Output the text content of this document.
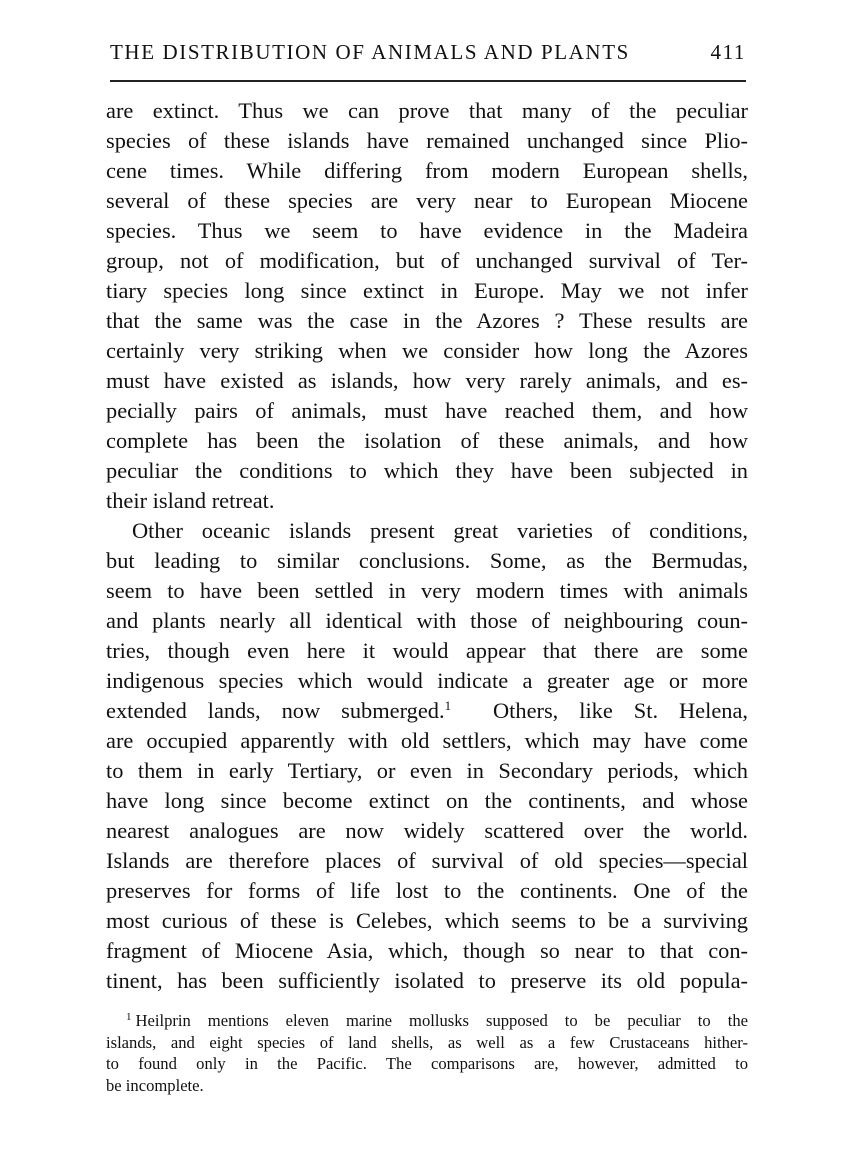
THE DISTRIBUTION OF ANIMALS AND PLANTS	411
are extinct. Thus we can prove that many of the peculiar
species of these islands have remained unchanged since Plio-
cene times. While differing from modern European shells,
several of these species are very near to European Miocene
species. Thus we seem to have evidence in the Madeira
group, not of modification, but of unchanged survival of Ter-
tiary species long since extinct in Europe. May we not infer
that the same was the case in the Azores ? These results are
certainly very striking when we consider how long the Azores
must have existed as islands, how very rarely animals, and es-
pecially pairs of animals, must have reached them, and how
complete has been the isolation of these animals, and how
peculiar the conditions to which they have been subjected in
their island retreat.
Other oceanic islands present great varieties of conditions,
but leading to similar conclusions. Some, as the Bermudas,
seem to have been settled in very modern times with animals
and plants nearly all identical with those of neighbouring coun-
tries, though even here it would appear that there are some
indigenous species which would indicate a greater age or more
extended lands, now submerged.$^1$ Others, like St. Helena,
are occupied apparently with old settlers, which may have come
to them in early Tertiary, or even in Secondary periods, which
have long since become extinct on the continents, and whose
nearest analogues are now widely scattered over the world.
Islands are therefore places of survival of old species—special
preserves for forms of life lost to the continents. One of the
most curious of these is Celebes, which seems to be a surviving
fragment of Miocene Asia, which, though so near to that con-
tinent, has been sufficiently isolated to preserve its old popula-
$^1$ Heilprin mentions eleven marine mollusks supposed to be peculiar to the
islands, and eight species of land shells, as well as a few Crustaceans hither-
to found only in the Pacific. The comparisons are, however, admitted to
be incomplete.
